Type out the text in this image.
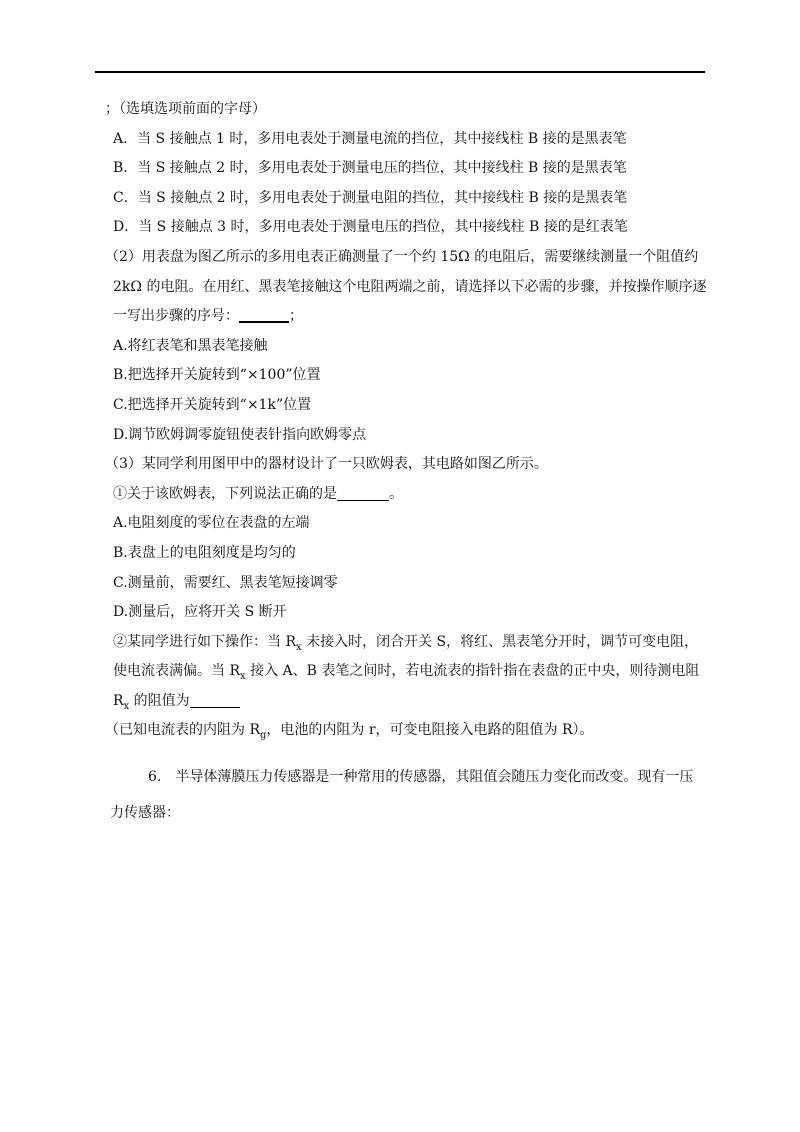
；（选填选项前面的字母）
A．当 S 接触点 1 时，多用电表处于测量电流的挡位，其中接线柱 B 接的是黑表笔
B．当 S 接触点 2 时，多用电表处于测量电压的挡位，其中接线柱 B 接的是黑表笔
C．当 S 接触点 2 时，多用电表处于测量电阻的挡位，其中接线柱 B 接的是黑表笔
D．当 S 接触点 3 时，多用电表处于测量电压的挡位，其中接线柱 B 接的是红表笔
（2）用表盘为图乙所示的多用电表正确测量了一个约 15Ω 的电阻后，需要继续测量一个阻值约
2kΩ 的电阻。在用红、黑表笔接触这个电阻两端之前，请选择以下必需的步骤，并按操作顺序逐
一写出步骤的序号：	；
A.将红表笔和黑表笔接触
B.把选择开关旋转到“×100”位置
C.把选择开关旋转到“×1k”位置
D.调节欧姆调零旋钮使表针指向欧姆零点
（3）某同学利用图甲中的器材设计了一只欧姆表，其电路如图乙所示。
①关于该欧姆表，下列说法正确的是	。
A.电阻刻度的零位在表盘的左端
B.表盘上的电阻刻度是均匀的
C.测量前，需要红、黑表笔短接调零
D.测量后，应将开关 S 断开
②某同学进行如下操作：当 $R_x$ 未接入时，闭合开关 S，将红、黑表笔分开时，调节可变电阻，
使电流表满偏。当 $R_x$ 接入 A、B 表笔之间时，若电流表的指针指在表盘的正中央，则待测电阻
$R_x$ 的阻值为
（已知电流表的内阻为 $R_g$，电池的内阻为 r，可变电阻接入电路的阻值为 R）。
6.　半导体薄膜压力传感器是一种常用的传感器，其阻值会随压力变化而改变。现有一压
力传感器：
